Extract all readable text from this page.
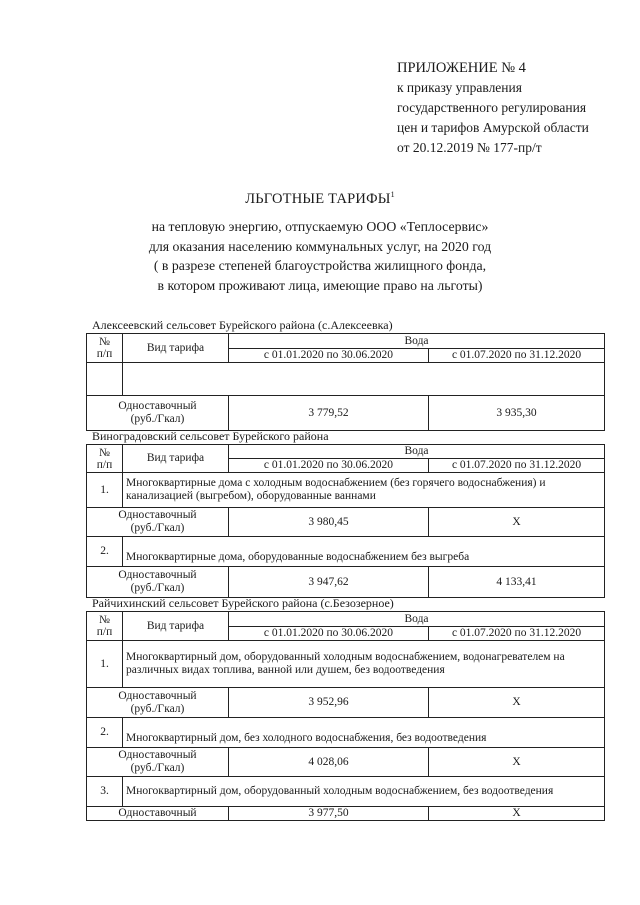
ПРИЛОЖЕНИЕ № 4
к приказу управления
государственного регулирования
цен и тарифов Амурской области
от 20.12.2019 № 177-пр/т
ЛЬГОТНЫЕ ТАРИФЫ$^1$
на тепловую энергию, отпускаемую ООО «Теплосервис»
для оказания населению коммунальных услуг, на 2020 год
( в разрезе степеней благоустройства жилищного фонда,
в котором проживают лица, имеющие право на льготы)
Алексеевский сельсовет Бурейского района (с.Алексеевка)
№
п/п	Вид тарифа	Вода	
		с 01.01.2020 по 30.06.2020	с 01.07.2020 по 31.12.2020

Одноставочный
(руб./Гкал)		3 779,52	3 935,30
Виноградовский сельсовет Бурейского района
№
п/п	Вид тарифа	Вода	
		с 01.01.2020 по 30.06.2020	с 01.07.2020 по 31.12.2020
1.	Многоквартирные дома с холодным водоснабжением (без горячего водоснабжения) и канализацией (выгребом), оборудованные ваннами		
Одноставочный
(руб./Гкал)		3 980,45	X
2.	Многоквартирные дома, оборудованные водоснабжением без выгреба		
Одноставочный
(руб./Гкал)		3 947,62	4 133,41
Райчихинский сельсовет Бурейского района (с.Безозерное)
№
п/п	Вид тарифа	Вода	
		с 01.01.2020 по 30.06.2020	с 01.07.2020 по 31.12.2020
1.	Многоквартирный дом, оборудованный холодным водоснабжением, водонагревателем на различных видах топлива, ванной или душем, без водоотведения		
Одноставочный
(руб./Гкал)		3 952,96	X
2.	Многоквартирный дом, без холодного водоснабжения, без водоотведения		
Одноставочный
(руб./Гкал)		4 028,06	X
3.	Многоквартирный дом, оборудованный холодным водоснабжением, без водоотведения		
Одноставочный		3 977,50	X
